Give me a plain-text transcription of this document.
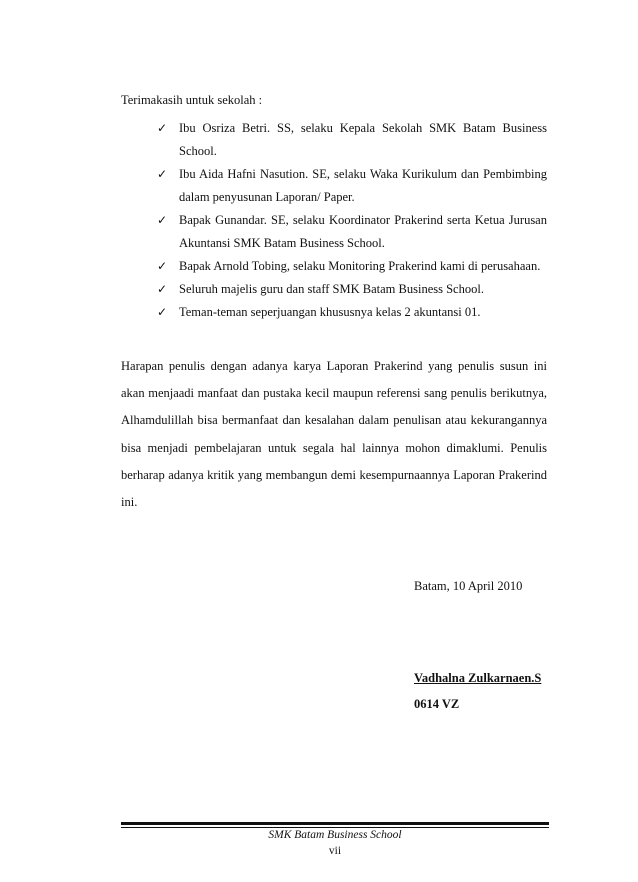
Terimakasih untuk sekolah :
✓ Ibu Osriza Betri. SS, selaku Kepala Sekolah SMK Batam Business School.
✓ Ibu Aida Hafni Nasution. SE, selaku Waka Kurikulum dan Pembimbing dalam penyusunan Laporan/ Paper.
✓ Bapak Gunandar. SE, selaku Koordinator Prakerind serta Ketua Jurusan Akuntansi SMK Batam Business School.
✓ Bapak Arnold Tobing, selaku Monitoring Prakerind kami di perusahaan.
✓ Seluruh majelis guru dan staff SMK Batam Business School.
✓ Teman-teman seperjuangan khususnya kelas 2 akuntansi 01.

Harapan penulis dengan adanya karya Laporan Prakerind yang penulis susun ini akan menjaadi manfaat dan pustaka kecil maupun referensi sang penulis berikutnya, Alhamdulillah bisa bermanfaat dan kesalahan dalam penulisan atau kekurangannya bisa menjadi pembelajaran untuk segala hal lainnya mohon dimaklumi. Penulis berharap adanya kritik yang membangun demi kesempurnaannya Laporan Prakerind ini.

Batam, 10 April 2010
Vadhalna Zulkarnaen.S
0614 VZ
SMK Batam Business School
vii
